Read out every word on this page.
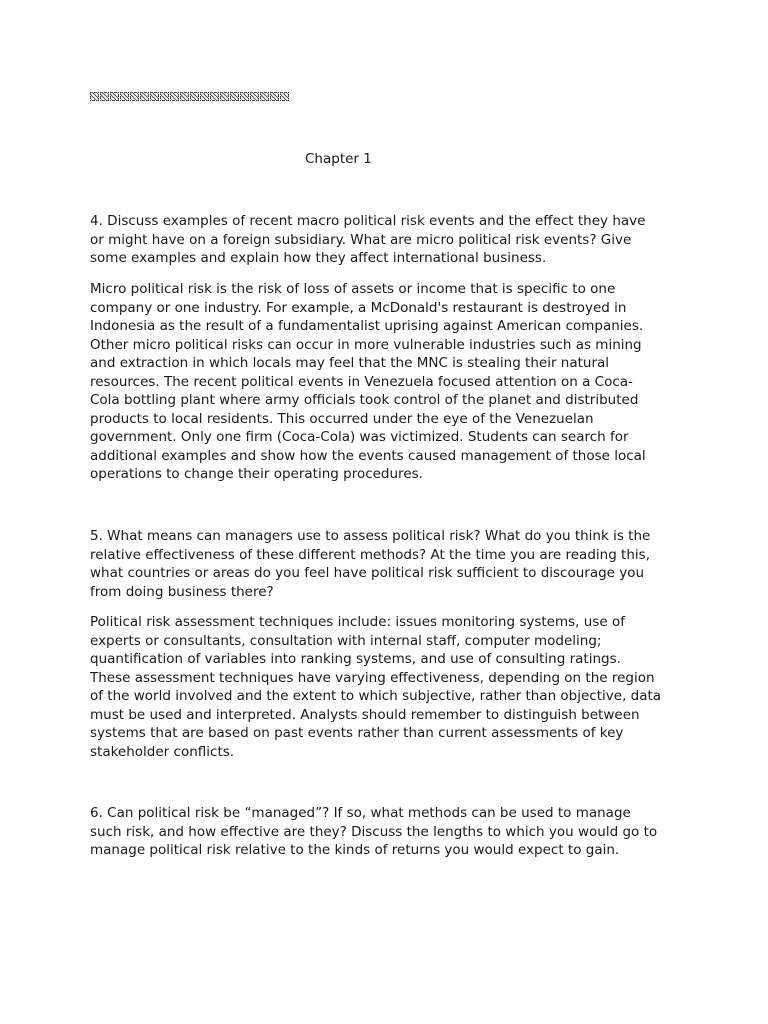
Chapter 1
4. Discuss examples of recent macro political risk events and the effect they have
or might have on a foreign subsidiary. What are micro political risk events? Give
some examples and explain how they affect international business.
Micro political risk is the risk of loss of assets or income that is specific to one
company or one industry. For example, a McDonald's restaurant is destroyed in
Indonesia as the result of a fundamentalist uprising against American companies.
Other micro political risks can occur in more vulnerable industries such as mining
and extraction in which locals may feel that the MNC is stealing their natural
resources. The recent political events in Venezuela focused attention on a Coca-
Cola bottling plant where army officials took control of the planet and distributed
products to local residents. This occurred under the eye of the Venezuelan
government. Only one firm (Coca-Cola) was victimized. Students can search for
additional examples and show how the events caused management of those local
operations to change their operating procedures.
5. What means can managers use to assess political risk? What do you think is the
relative effectiveness of these different methods? At the time you are reading this,
what countries or areas do you feel have political risk sufficient to discourage you
from doing business there?
Political risk assessment techniques include: issues monitoring systems, use of
experts or consultants, consultation with internal staff, computer modeling;
quantification of variables into ranking systems, and use of consulting ratings.
These assessment techniques have varying effectiveness, depending on the region
of the world involved and the extent to which subjective, rather than objective, data
must be used and interpreted. Analysts should remember to distinguish between
systems that are based on past events rather than current assessments of key
stakeholder conflicts.
6. Can political risk be “managed”? If so, what methods can be used to manage
such risk, and how effective are they? Discuss the lengths to which you would go to
manage political risk relative to the kinds of returns you would expect to gain.
